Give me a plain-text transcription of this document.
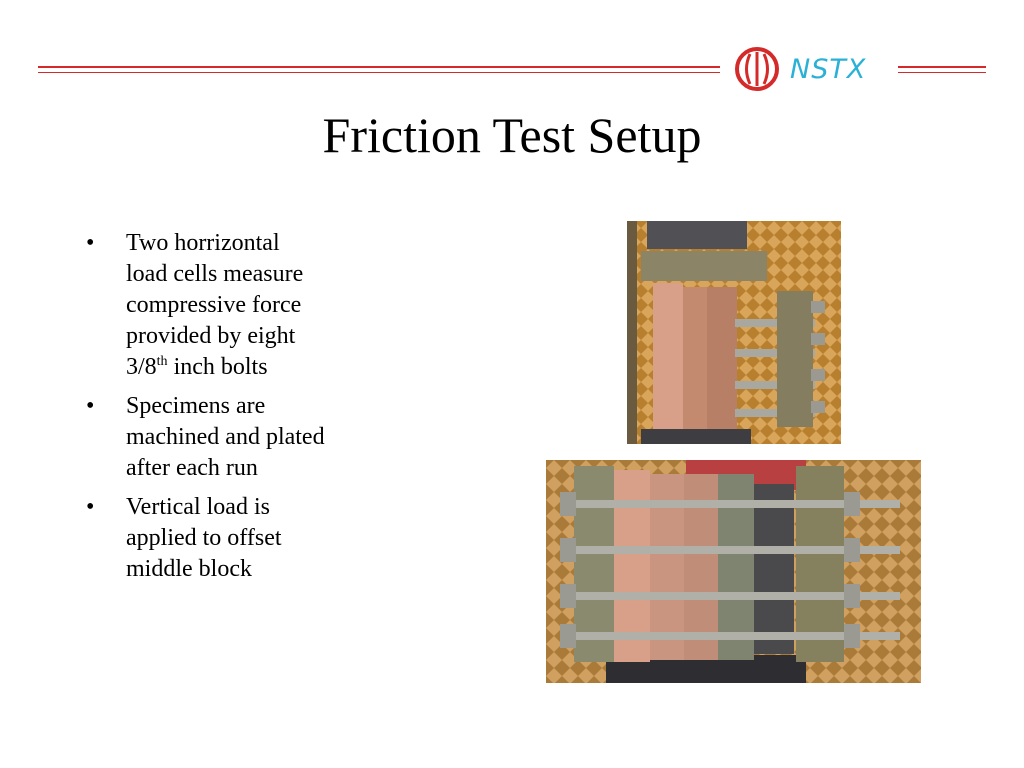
NSTX
Friction Test Setup
• Two horrizontal
load cells measure
compressive force
provided by eight
3/8th inch bolts
• Specimens are machined and plated after each run
• Vertical load is applied to offset middle block
